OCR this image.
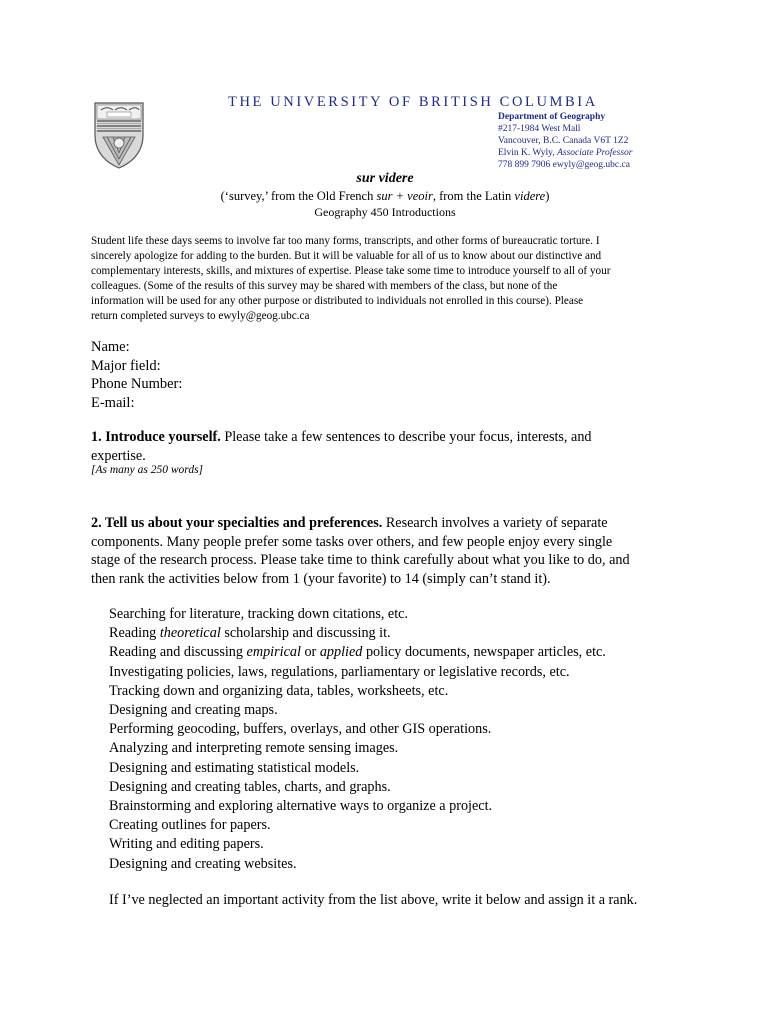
THE UNIVERSITY OF BRITISH COLUMBIA
Department of Geography
#217-1984 West Mall
Vancouver, B.C. Canada V6T 1Z2
Elvin K. Wyly, Associate Professor
778 899 7906 ewyly@geog.ubc.ca
sur videre
(‘survey,’ from the Old French sur + veoir, from the Latin videre)
Geography 450 Introductions
Student life these days seems to involve far too many forms, transcripts, and other forms of bureaucratic torture. I
sincerely apologize for adding to the burden. But it will be valuable for all of us to know about our distinctive and
complementary interests, skills, and mixtures of expertise. Please take some time to introduce yourself to all of your
colleagues. (Some of the results of this survey may be shared with members of the class, but none of the
information will be used for any other purpose or distributed to individuals not enrolled in this course). Please
return completed surveys to ewyly@geog.ubc.ca
Name:
Major field:
Phone Number:
E-mail:
1. Introduce yourself. Please take a few sentences to describe your focus, interests, and
expertise.
[As many as 250 words]
2. Tell us about your specialties and preferences. Research involves a variety of separate
components. Many people prefer some tasks over others, and few people enjoy every single
stage of the research process. Please take time to think carefully about what you like to do, and
then rank the activities below from 1 (your favorite) to 14 (simply can’t stand it).
Searching for literature, tracking down citations, etc.
Reading theoretical scholarship and discussing it.
Reading and discussing empirical or applied policy documents, newspaper articles, etc.
Investigating policies, laws, regulations, parliamentary or legislative records, etc.
Tracking down and organizing data, tables, worksheets, etc.
Designing and creating maps.
Performing geocoding, buffers, overlays, and other GIS operations.
Analyzing and interpreting remote sensing images.
Designing and estimating statistical models.
Designing and creating tables, charts, and graphs.
Brainstorming and exploring alternative ways to organize a project.
Creating outlines for papers.
Writing and editing papers.
Designing and creating websites.
If I’ve neglected an important activity from the list above, write it below and assign it a rank.
